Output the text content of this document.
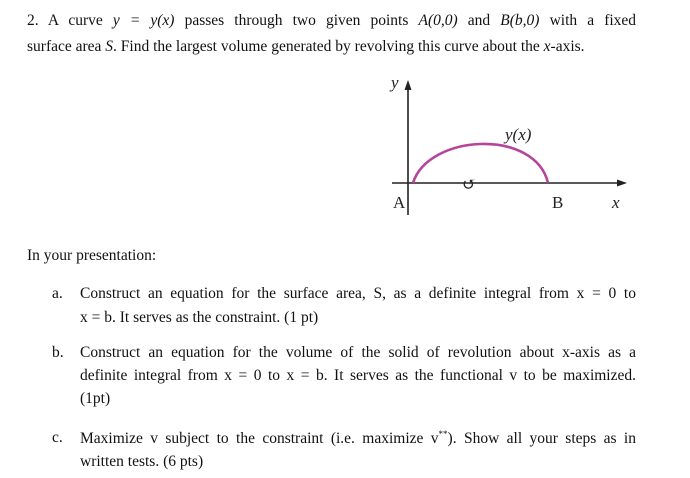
2. A curve y = y(x) passes through two given points A(0,0) and B(b,0) with a fixed
surface area S. Find the largest volume generated by revolving this curve about the x-axis.
y
y(x)
↺
A	B	x
In your presentation:
a.	Construct an equation for the surface area, S, as a definite integral from x = 0 to
x = b. It serves as the constraint. (1 pt)
b.	Construct an equation for the volume of the solid of revolution about x-axis as a
definite integral from x = 0 to x = b. It serves as the functional v to be maximized.
(1pt)
c.	Maximize v subject to the constraint (i.e. maximize v**). Show all your steps as in
written tests. (6 pts)
